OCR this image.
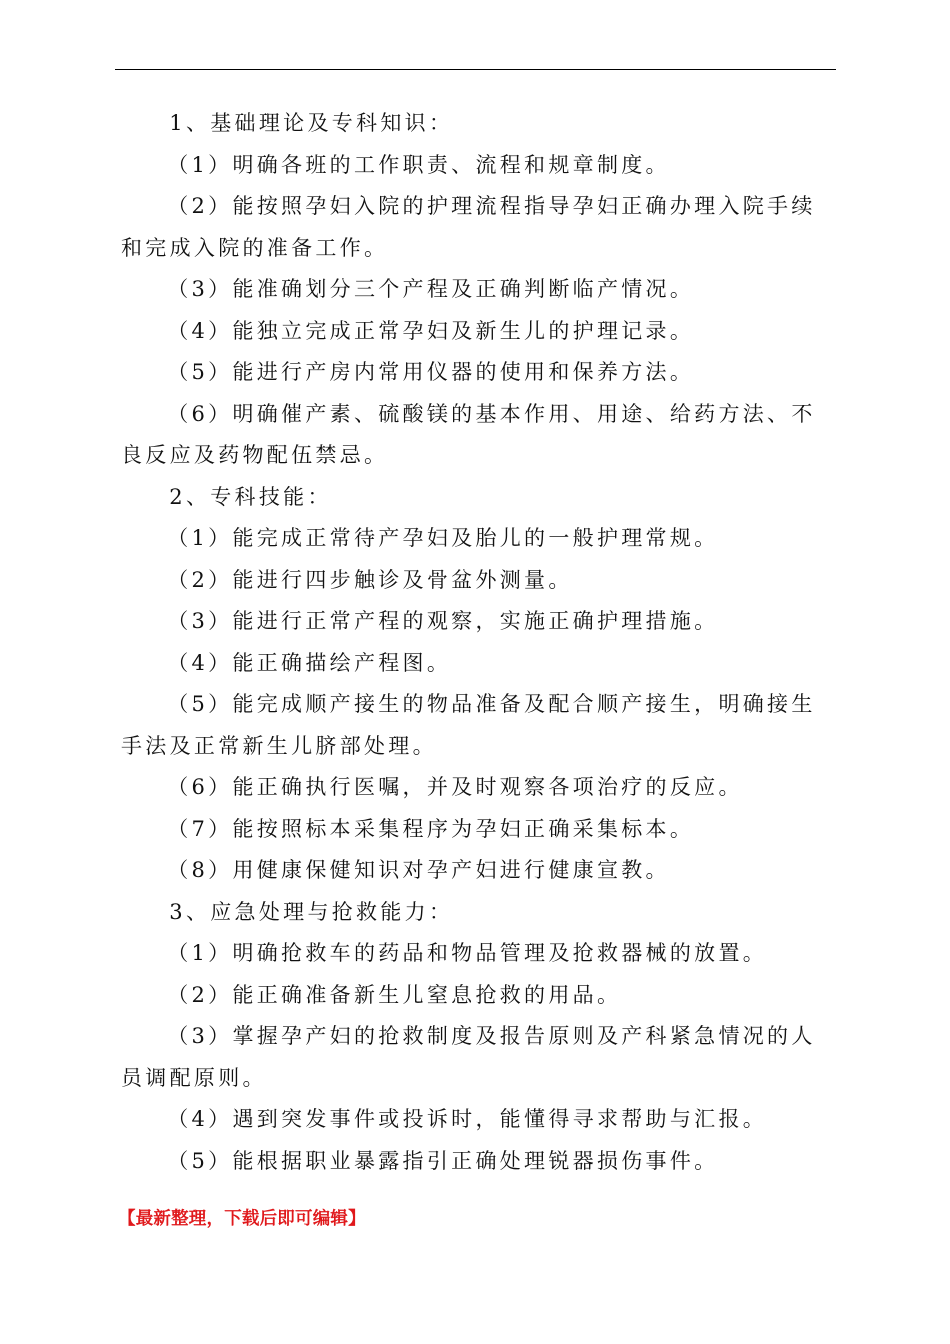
1、基础理论及专科知识：

（1）明确各班的工作职责、流程和规章制度。

（2）能按照孕妇入院的护理流程指导孕妇正确办理入院手续和完成入院的准备工作。

（3）能准确划分三个产程及正确判断临产情况。

（4）能独立完成正常孕妇及新生儿的护理记录。

（5）能进行产房内常用仪器的使用和保养方法。

（6）明确催产素、硫酸镁的基本作用、用途、给药方法、不良反应及药物配伍禁忌。

2、专科技能：

（1）能完成正常待产孕妇及胎儿的一般护理常规。

（2）能进行四步触诊及骨盆外测量。

（3）能进行正常产程的观察，实施正确护理措施。

（4）能正确描绘产程图。

（5）能完成顺产接生的物品准备及配合顺产接生，明确接生手法及正常新生儿脐部处理。

（6）能正确执行医嘱，并及时观察各项治疗的反应。

（7）能按照标本采集程序为孕妇正确采集标本。

（8）用健康保健知识对孕产妇进行健康宣教。

3、应急处理与抢救能力：

（1）明确抢救车的药品和物品管理及抢救器械的放置。

（2）能正确准备新生儿窒息抢救的用品。

（3）掌握孕产妇的抢救制度及报告原则及产科紧急情况的人员调配原则。

（4）遇到突发事件或投诉时，能懂得寻求帮助与汇报。

（5）能根据职业暴露指引正确处理锐器损伤事件。

【最新整理，下载后即可编辑】
